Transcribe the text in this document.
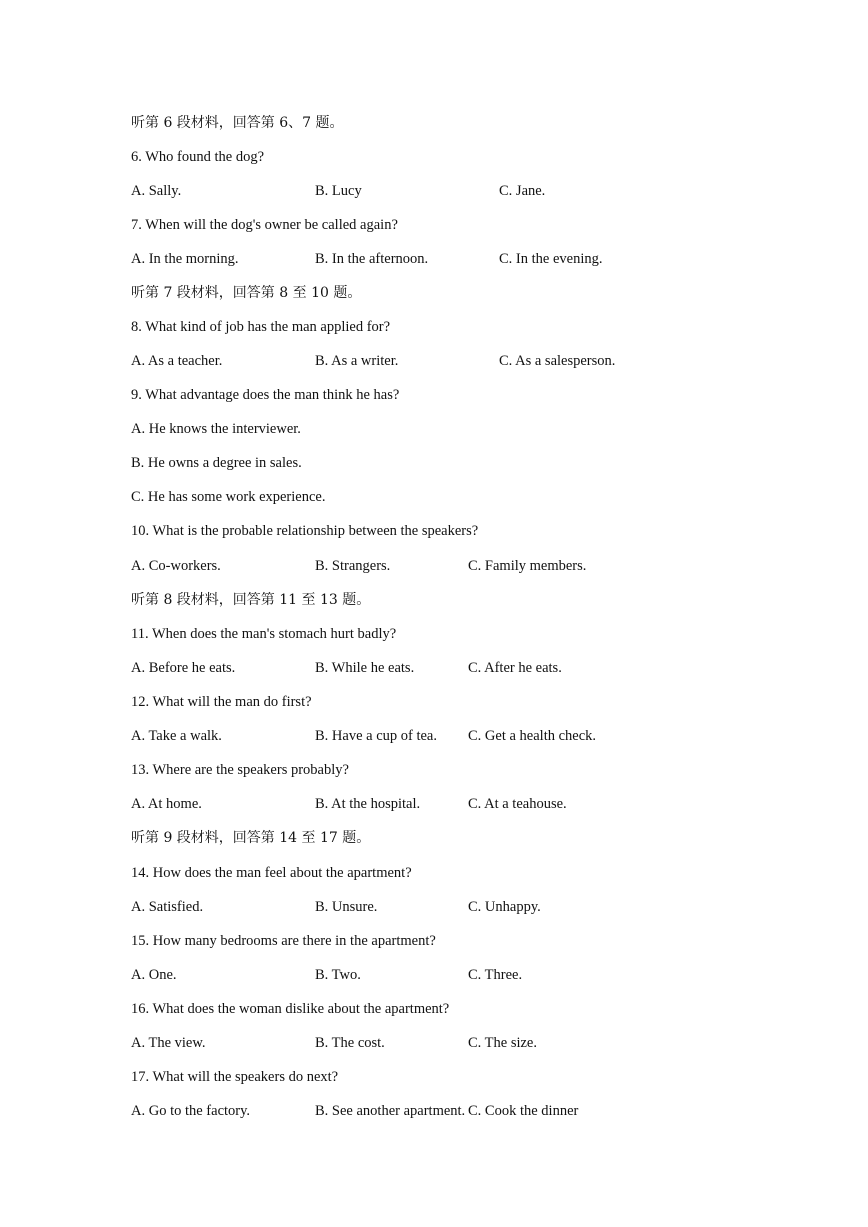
听第 6 段材料，回答第 6、7 题。
6. Who found the dog?
A. Sally.	B. Lucy	C. Jane.
7. When will the dog's owner be called again?
A. In the morning.	B. In the afternoon.	C. In the evening.
听第 7 段材料，回答第 8 至 10 题。
8. What kind of job has the man applied for?
A. As a teacher.	B. As a writer.	C. As a salesperson.
9. What advantage does the man think he has?
A. He knows the interviewer.
B. He owns a degree in sales.
C. He has some work experience.
10. What is the probable relationship between the speakers?
A. Co-workers.	B. Strangers.	C. Family members.
听第 8 段材料，回答第 11 至 13 题。
11. When does the man's stomach hurt badly?
A. Before he eats.	B. While he eats.	C. After he eats.
12. What will the man do first?
A. Take a walk.	B. Have a cup of tea. C. Get a health check.
13. Where are the speakers probably?
A. At home.	B. At the hospital.	C. At a teahouse.
听第 9 段材料，回答第 14 至 17 题。
14. How does the man feel about the apartment?
A. Satisfied.	B. Unsure.	C. Unhappy.
15. How many bedrooms are there in the apartment?
A. One.	B. Two.	C. Three.
16. What does the woman dislike about the apartment?
A. The view.	B. The cost.	C. The size.
17. What will the speakers do next?
A. Go to the factory.	B. See another apartment. C. Cook the dinner
